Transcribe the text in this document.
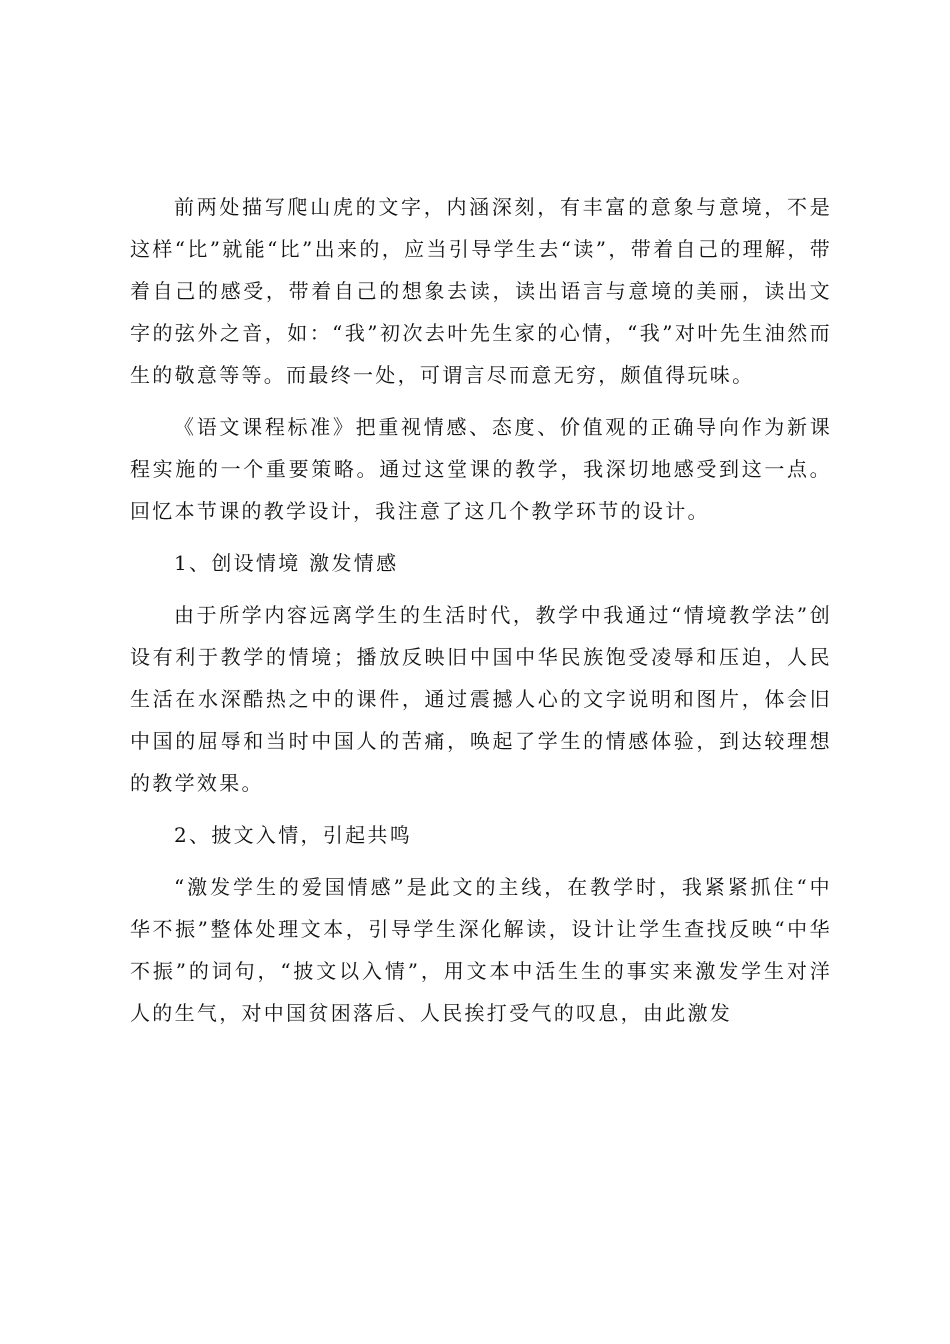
前两处描写爬山虎的文字，内涵深刻，有丰富的意象与意境，不是这样“比”就能“比”出来的，应当引导学生去“读”，带着自己的理解，带着自己的感受，带着自己的想象去读，读出语言与意境的美丽，读出文字的弦外之音，如：“我”初次去叶先生家的心情，“我”对叶先生油然而生的敬意等等。而最终一处，可谓言尽而意无穷，颇值得玩味。

《语文课程标准》把重视情感、态度、价值观的正确导向作为新课程实施的一个重要策略。通过这堂课的教学，我深切地感受到这一点。回忆本节课的教学设计，我注意了这几个教学环节的设计。

1、创设情境 激发情感

由于所学内容远离学生的生活时代，教学中我通过“情境教学法”创设有利于教学的情境；播放反映旧中国中华民族饱受凌辱和压迫，人民生活在水深酷热之中的课件，通过震撼人心的文字说明和图片，体会旧中国的屈辱和当时中国人的苦痛，唤起了学生的情感体验，到达较理想的教学效果。

2、披文入情，引起共鸣

“激发学生的爱国情感”是此文的主线，在教学时，我紧紧抓住“中华不振”整体处理文本，引导学生深化解读，设计让学生查找反映“中华不振”的词句，“披文以入情”，用文本中活生生的事实来激发学生对洋人的生气，对中国贫困落后、人民挨打受气的叹息，由此激发
